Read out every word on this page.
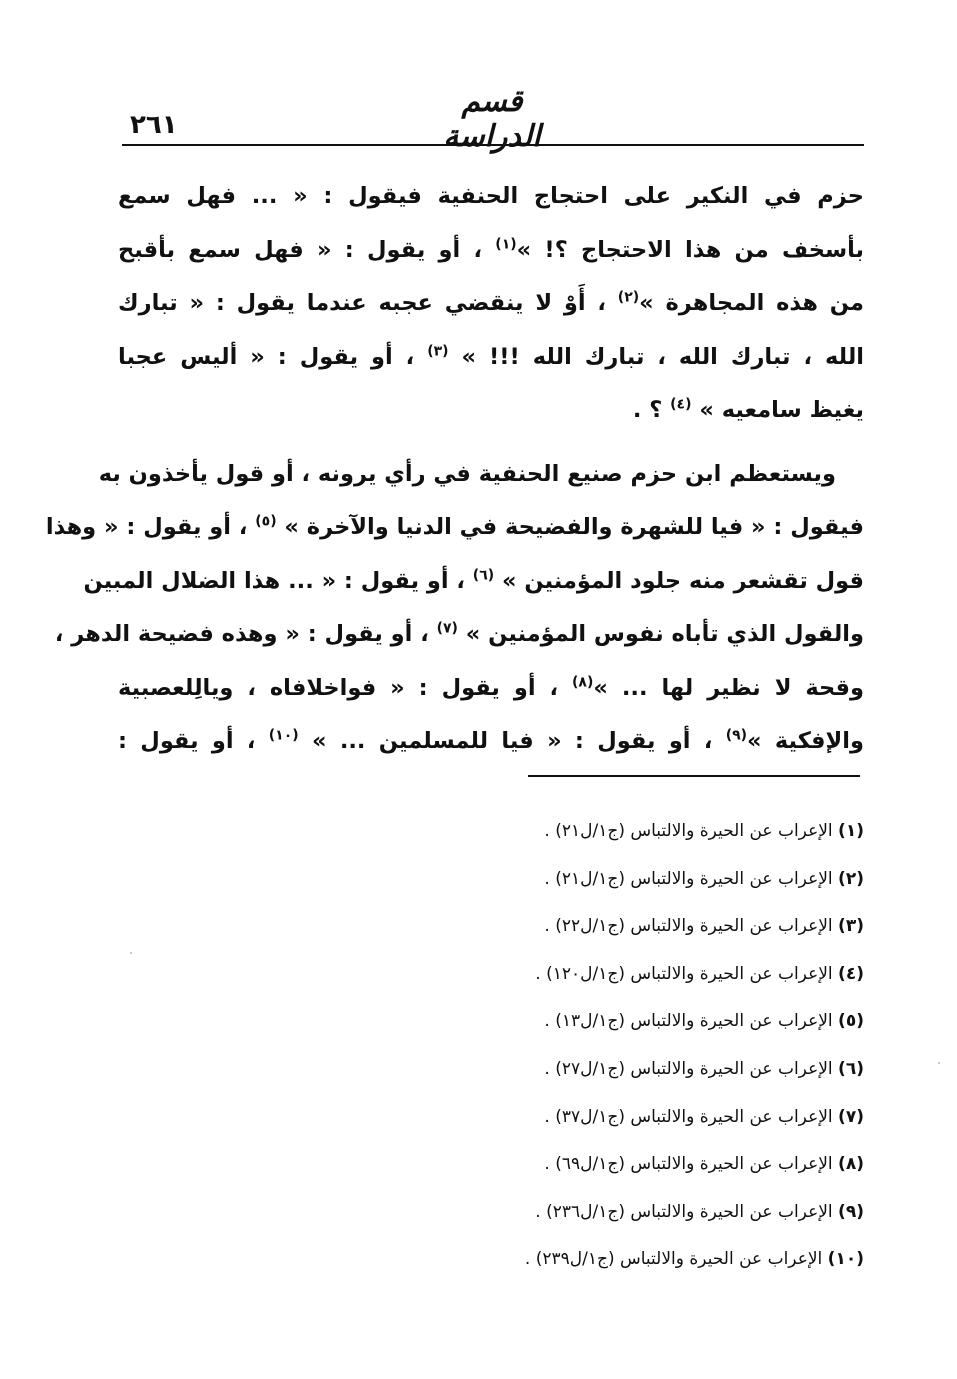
٢٦١
قسم الدراسة

حزم في النكير على احتجاج الحنفية فيقول : « ... فهل سمع
بأسخف من هذا الاحتجاج ؟! »$^{(١)}$ ، أو يقول : « فهل سمع بأقبح
من هذه المجاهرة »$^{(٢)}$ ، أَوْ لا ينقضي عجبه عندما يقول : « تبارك
الله ، تبارك الله ، تبارك الله !!! » $^{(٣)}$ ، أو يقول : « أليس عجبا
يغيظ سامعيه » $^{(٤)}$ ؟ .

ويستعظم ابن حزم صنيع الحنفية في رأي يرونه ، أو قول يأخذون به
فيقول : « فيا للشهرة والفضيحة في الدنيا والآخرة » $^{(٥)}$ ، أو يقول : « وهذا
قول تقشعر منه جلود المؤمنين » $^{(٦)}$ ، أو يقول : « ... هذا الضلال المبين
والقول الذي تأباه نفوس المؤمنين » $^{(٧)}$ ، أو يقول : « وهذه فضيحة الدهر ،
وقحة لا نظير لها ... »$^{(٨)}$ ، أو يقول : « فواخلافاه ، ويالِلعصبية
والإفكية »$^{(٩)}$ ، أو يقول : « فيا للمسلمين ... » $^{(١٠)}$ ، أو يقول :

(١) الإعراب عن الحيرة والالتباس (ج١/ل٢١) .
(٢) الإعراب عن الحيرة والالتباس (ج١/ل٢١) .
(٣) الإعراب عن الحيرة والالتباس (ج١/ل٢٢) .
(٤) الإعراب عن الحيرة والالتباس (ج١/ل١٢٠) .
(٥) الإعراب عن الحيرة والالتباس (ج١/ل١٣) .
(٦) الإعراب عن الحيرة والالتباس (ج١/ل٢٧) .
(٧) الإعراب عن الحيرة والالتباس (ج١/ل٣٧) .
(٨) الإعراب عن الحيرة والالتباس (ج١/ل٦٩) .
(٩) الإعراب عن الحيرة والالتباس (ج١/ل٢٣٦) .
(١٠) الإعراب عن الحيرة والالتباس (ج١/ل٢٣٩) .
